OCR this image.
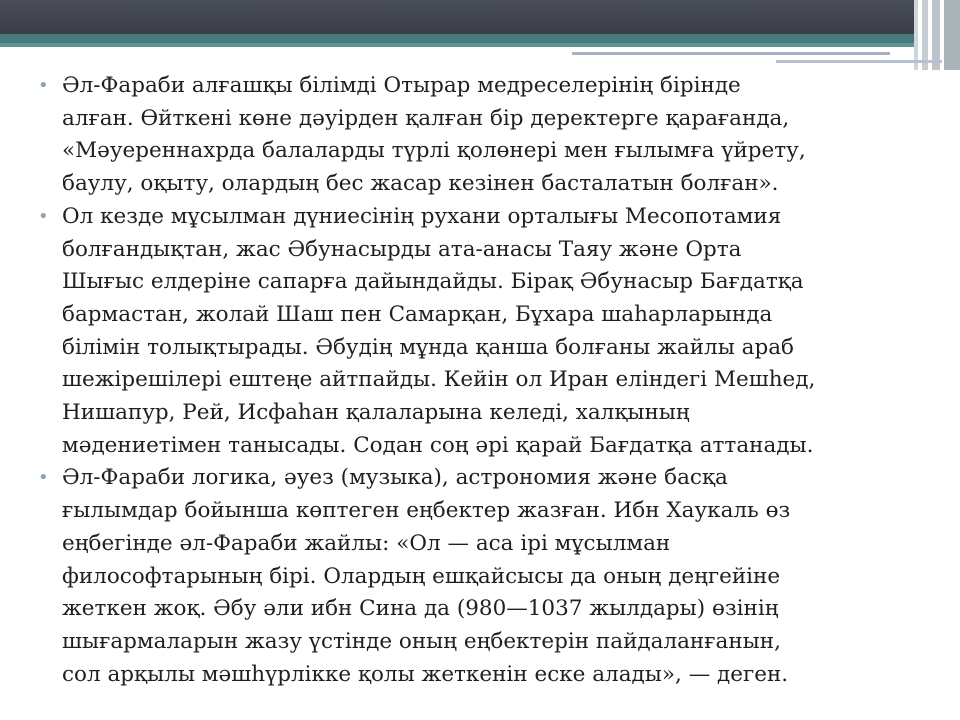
• Әл-Фараби алғашқы білімді Отырар медреселерінің бірінде
алған. Өйткені көне дәуірден қалған бір деректерге қарағанда,
«Мәуереннахрда балаларды түрлі қолөнері мен ғылымға үйрету,
баулу, оқыту, олардың бес жасар кезінен басталатын болған».
• Ол кезде мұсылман дүниесінің рухани орталығы Месопотамия
болғандықтан, жас Әбунасырды ата-анасы Таяу және Орта
Шығыс елдеріне сапарға дайындайды. Бірақ Әбунасыр Бағдатқа
бармастан, жолай Шаш пен Самарқан, Бұхара шаһарларында
білімін толықтырады. Әбудің мұнда қанша болғаны жайлы араб
шежірешілері ештеңе айтпайды. Кейін ол Иран еліндегі Мешһед,
Нишапур, Рей, Исфаһан қалаларына келеді, халқының
мәдениетімен танысады. Содан соң әрі қарай Бағдатқа аттанады.
• Әл-Фараби логика, әуез (музыка), астрономия және басқа
ғылымдар бойынша көптеген еңбектер жазған. Ибн Хаукаль өз
еңбегінде әл-Фараби жайлы: «Ол — аса ірі мұсылман
философтарының бірі. Олардың ешқайсысы да оның деңгейіне
жеткен жоқ. Әбу әли ибн Сина да (980—1037 жылдары) өзінің
шығармаларын жазу үстінде оның еңбектерін пайдаланғанын,
сол арқылы мәшһүрлікке қолы жеткенін еске алады», — деген.
